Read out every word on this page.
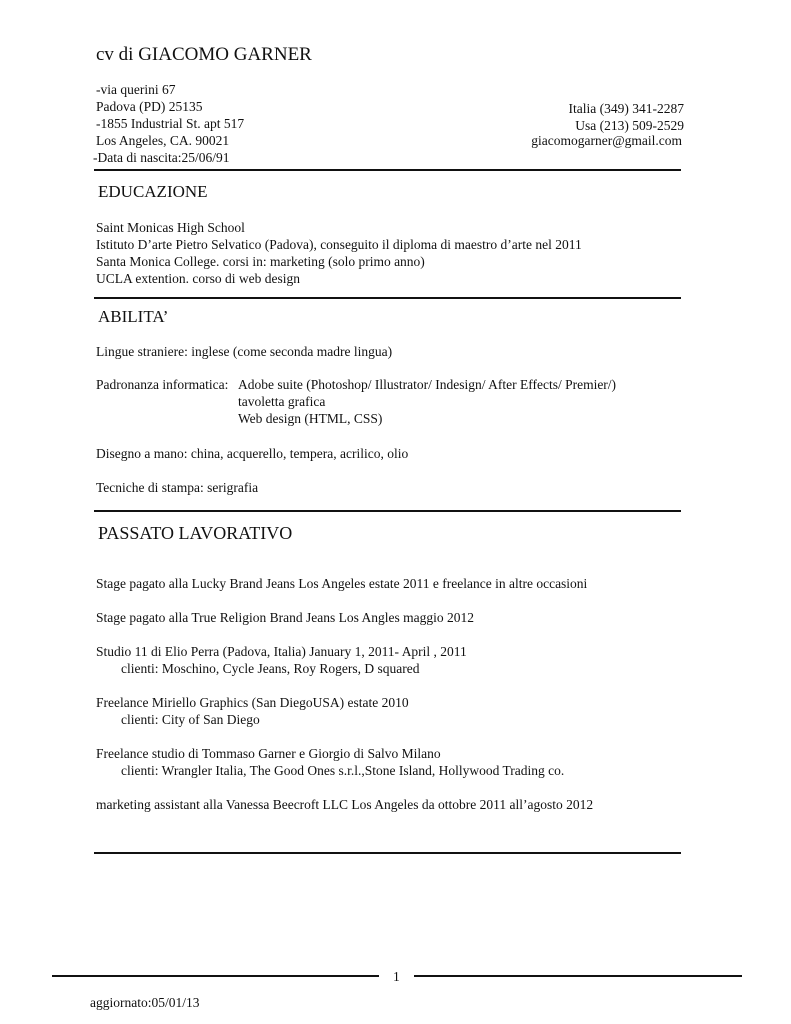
cv di GIACOMO GARNER
-via querini 67
Padova (PD) 25135
-1855 Industrial St. apt 517
Los Angeles, CA. 90021
-Data di nascita:25/06/91
Italia (349) 341-2287
Usa (213) 509-2529
giacomogarner@gmail.com
EDUCAZIONE
Saint Monicas High School
Istituto D’arte Pietro Selvatico (Padova), conseguito il diploma di maestro d’arte nel 2011
Santa Monica College. corsi in: marketing (solo primo anno)
UCLA extention. corso di web design
ABILITA’
Lingue straniere: inglese (come seconda madre lingua)
Padronanza informatica: Adobe suite (Photoshop/ Illustrator/ Indesign/ After Effects/ Premier/)
tavoletta grafica
Web design (HTML, CSS)
Disegno a mano: china, acquerello, tempera, acrilico, olio
Tecniche di stampa: serigrafia
PASSATO LAVORATIVO
Stage pagato alla Lucky Brand Jeans Los Angeles estate 2011 e freelance in altre occasioni
Stage pagato alla True Religion Brand Jeans Los Angles maggio 2012
Studio 11 di Elio Perra (Padova, Italia) January 1, 2011- April , 2011
clienti: Moschino, Cycle Jeans, Roy Rogers, D squared
Freelance Miriello Graphics (San DiegoUSA) estate 2010
clienti: City of San Diego
Freelance studio di Tommaso Garner e Giorgio di Salvo Milano
clienti: Wrangler Italia, The Good Ones s.r.l.,Stone Island, Hollywood Trading co.
marketing assistant alla Vanessa Beecroft LLC Los Angeles da ottobre 2011 all’agosto 2012
1
aggiornato:05/01/13
